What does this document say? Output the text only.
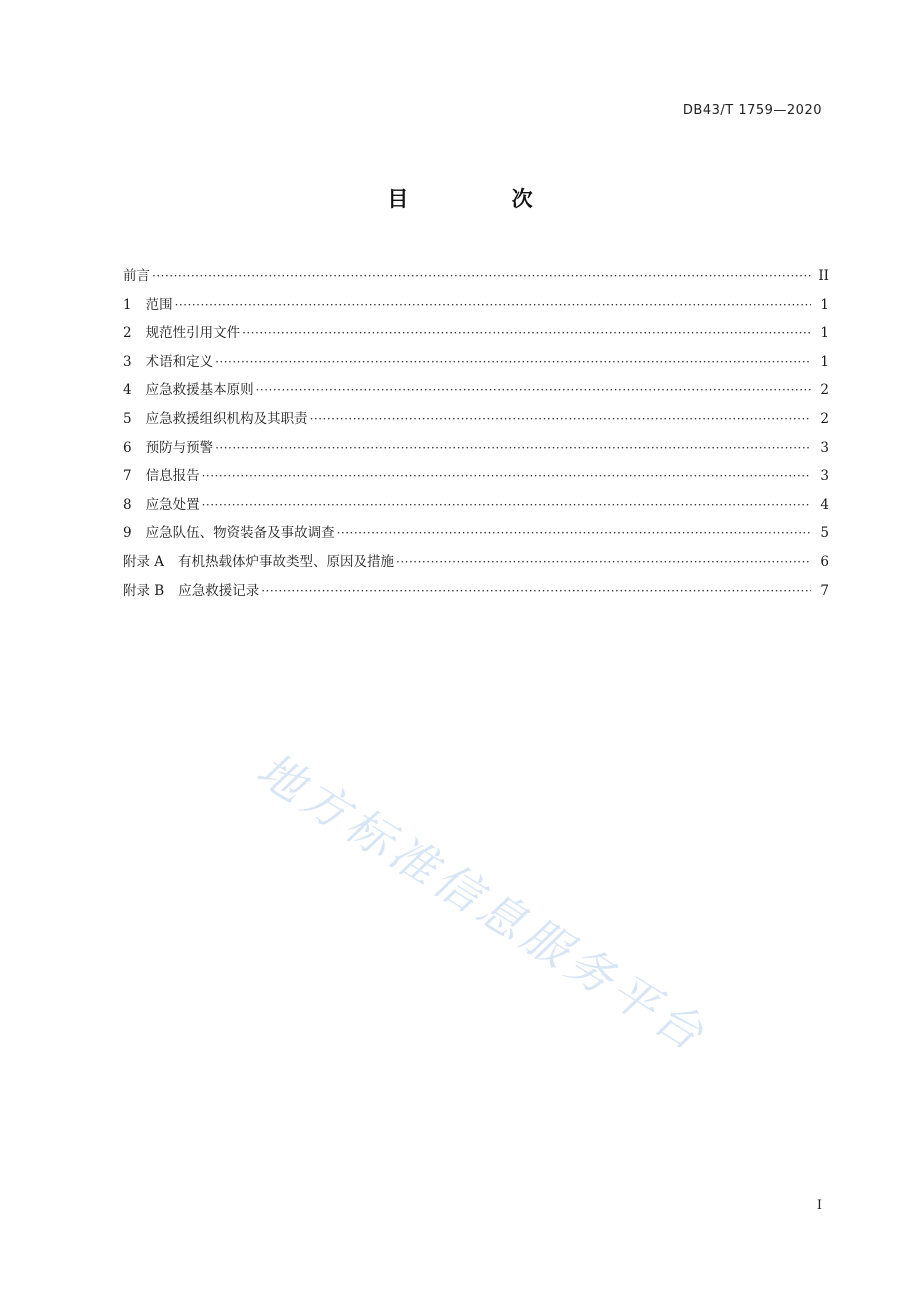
DB43/T 1759—2020
目 次
前言 ·····	II
1	范围 ·····	1
2	规范性引用文件 ·····	1
3	术语和定义 ·····	1
4	应急救援基本原则 ·····	2
5	应急救援组织机构及其职责 ·····	2
6	预防与预警 ·····	3
7	信息报告 ·····	3
8	应急处置 ·····	4
9	应急队伍、物资装备及事故调查 ·····	5
附录 A	有机热载体炉事故类型、原因及措施 ·····	6
附录 B	应急救援记录 ·····	7
地方标准信息服务平台
I
